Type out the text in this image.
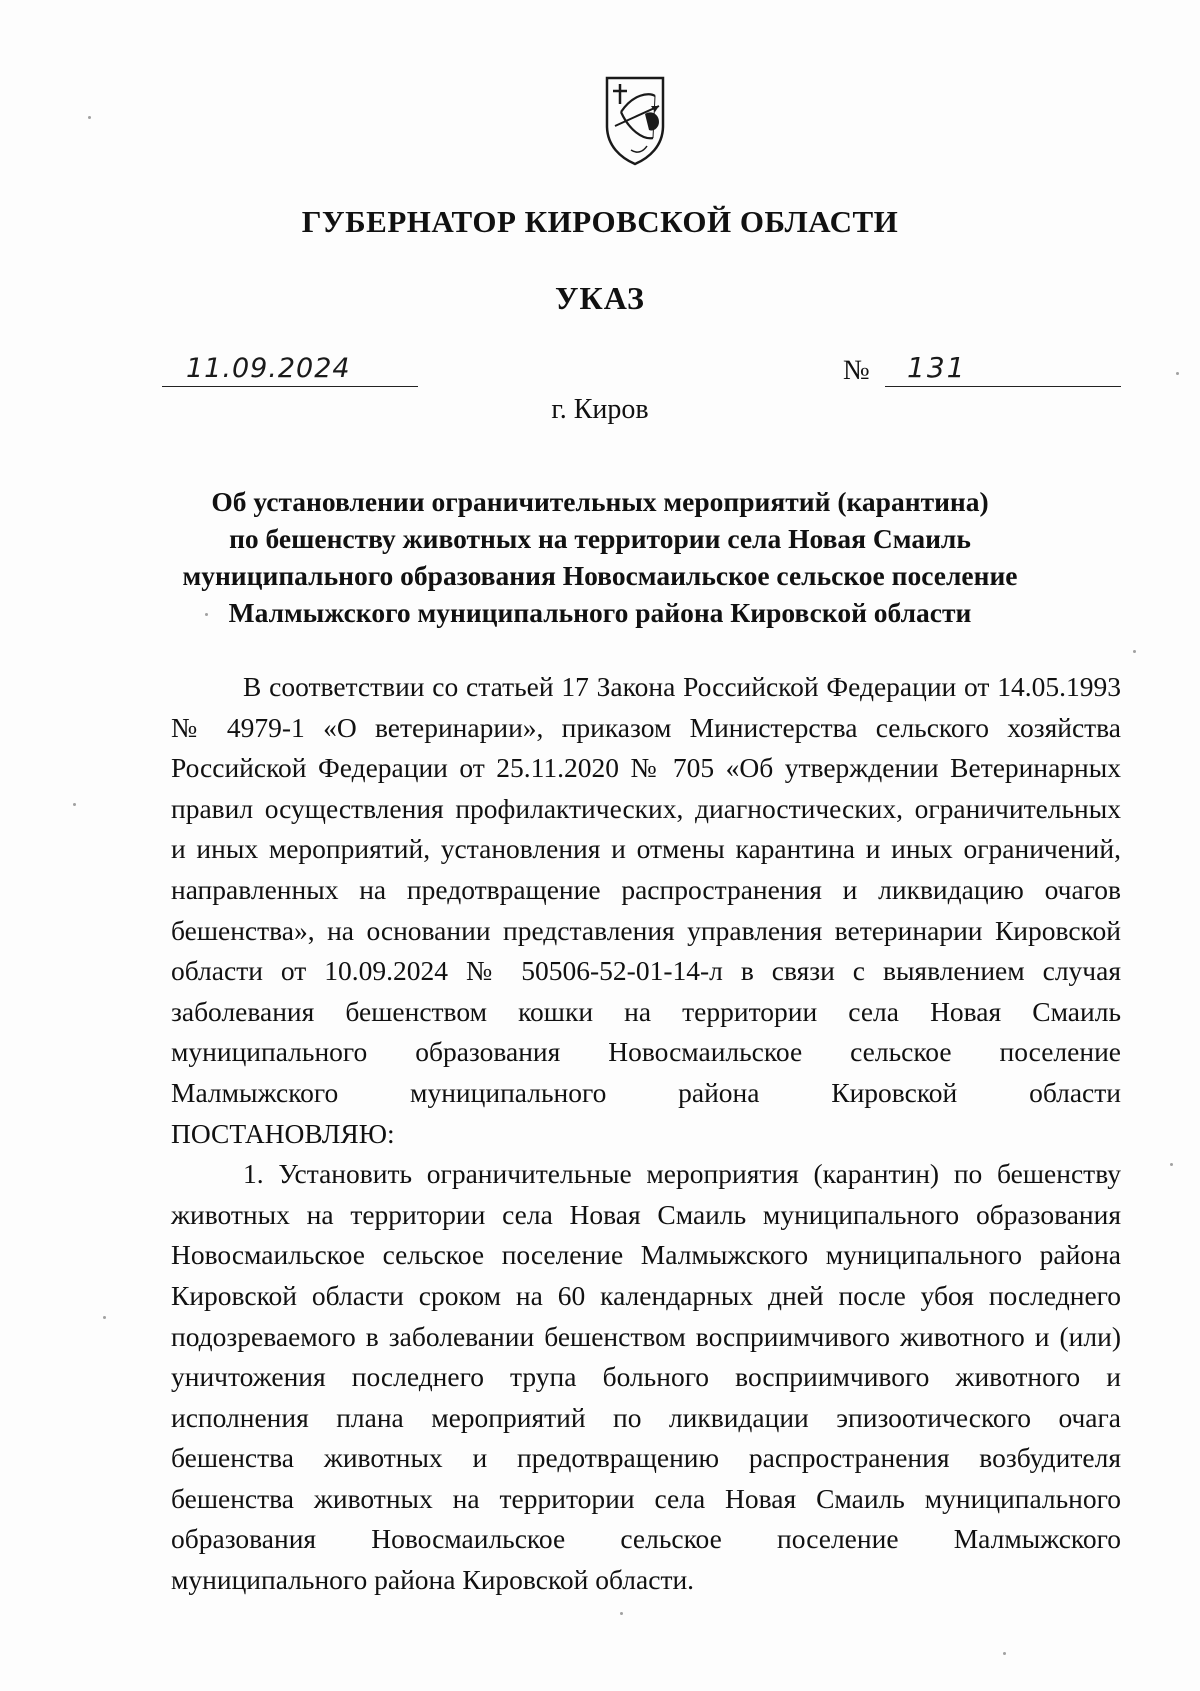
ГУБЕРНАТОР КИРОВСКОЙ ОБЛАСТИ
УКАЗ
11.09.2024	№ 131
г. Киров
Об установлении ограничительных мероприятий (карантина)
по бешенству животных на территории села Новая Смаиль
муниципального образования Новосмаильское сельское поселение
Малмыжского муниципального района Кировской области

В соответствии со статьей 17 Закона Российской Федерации от 14.05.1993 № 4979-1 «О ветеринарии», приказом Министерства сельского хозяйства Российской Федерации от 25.11.2020 № 705 «Об утверждении Ветеринарных правил осуществления профилактических, диагностических, ограничительных и иных мероприятий, установления и отмены карантина и иных ограничений, направленных на предотвращение распространения и ликвидацию очагов бешенства», на основании представления управления ветеринарии Кировской области от 10.09.2024 № 50506-52-01-14-л в связи с выявлением случая заболевания бешенством кошки на территории села Новая Смаиль муниципального образования Новосмаильское сельское поселение Малмыжского муниципального района Кировской области

ПОСТАНОВЛЯЮ:

1. Установить ограничительные мероприятия (карантин) по бешенству животных на территории села Новая Смаиль муниципального образования Новосмаильское сельское поселение Малмыжского муниципального района Кировской области сроком на 60 календарных дней после убоя последнего подозреваемого в заболевании бешенством восприимчивого животного и (или) уничтожения последнего трупа больного восприимчивого животного и исполнения плана мероприятий по ликвидации эпизоотического очага бешенства животных и предотвращению распространения возбудителя бешенства животных на территории села Новая Смаиль муниципального образования Новосмаильское сельское поселение Малмыжского муниципального района Кировской области.
